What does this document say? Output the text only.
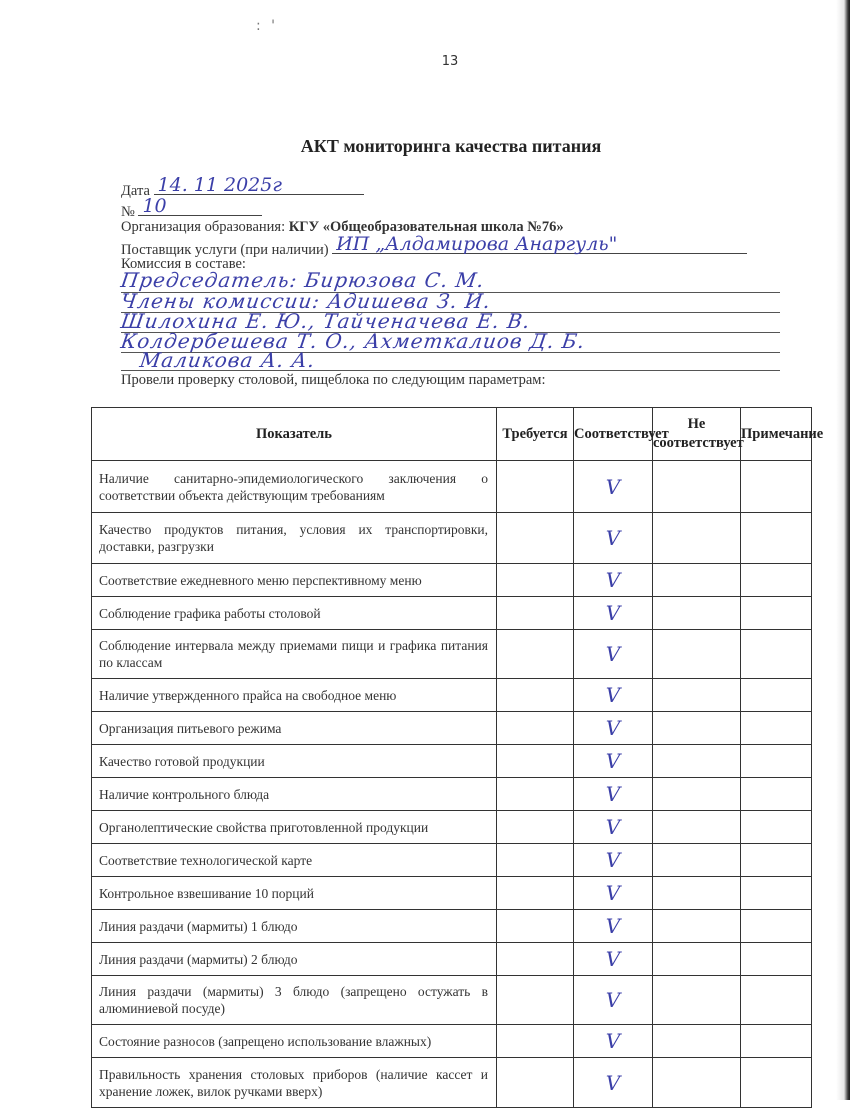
: '
13
АКТ мониторинга качества питания
Дата 14. 11 2025г
№ 10
Организация образования: КГУ «Общеобразовательная школа №76»
Поставщик услуги (при наличии) ИП „Алдамирова Анаргуль"
Комиссия в составе:
Председатель: Бирюзова С. М.
Члены комиссии: Адишева З. И.
Шилохина Е. Ю., Тайченачева Е. В.
Колдербешева Т. О., Ахметкалиов Д. Б.
Маликова А. А.
Провели проверку столовой, пищеблока по следующим параметрам:
Показатель	Требуется	Соответствует	Не соответствует	Примечание
Наличие санитарно-эпидемиологического заключения о соответствии объекта действующим требованиям		V		
Качество продуктов питания, условия их транспортировки, доставки, разгрузки		V		
Соответствие ежедневного меню перспективному меню		V		
Соблюдение графика работы столовой		V		
Соблюдение интервала между приемами пищи и графика питания по классам		V		
Наличие утвержденного прайса на свободное меню		V		
Организация питьевого режима		V		
Качество готовой продукции		V		
Наличие контрольного блюда		V		
Органолептические свойства приготовленной продукции		V		
Соответствие технологической карте		V		
Контрольное взвешивание 10 порций		V		
Линия раздачи (мармиты) 1 блюдо		V		
Линия раздачи (мармиты) 2 блюдо		V		
Линия раздачи (мармиты) 3 блюдо (запрещено остужать в алюминиевой посуде)		V		
Состояние разносов (запрещено использование влажных)		V		
Правильность хранения столовых приборов (наличие кассет и хранение ложек, вилок ручками вверх)		V		
